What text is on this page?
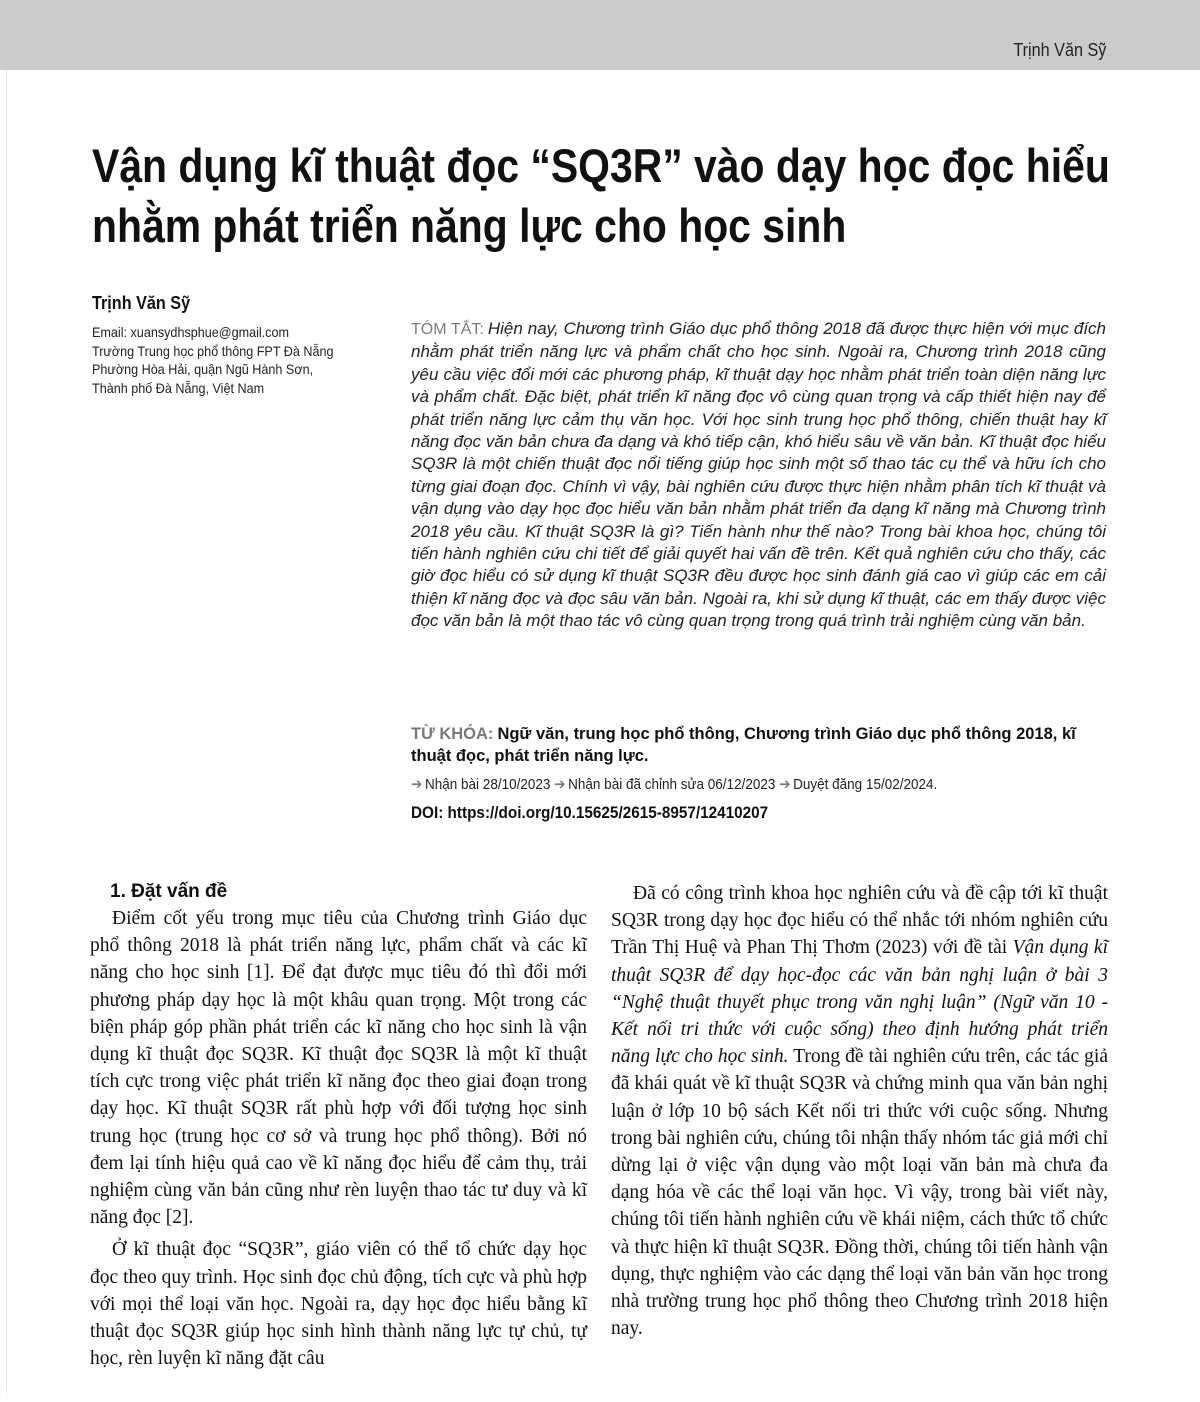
Trịnh Văn Sỹ
Vận dụng kĩ thuật đọc “SQ3R” vào dạy học đọc hiểu
nhằm phát triển năng lực cho học sinh
Trịnh Văn Sỹ
Email: xuansydhsphue@gmail.com
Trường Trung học phổ thông FPT Đà Nẵng
Phường Hòa Hải, quận Ngũ Hành Sơn,
Thành phố Đà Nẵng, Việt Nam

TÓM TẮT: Hiện nay, Chương trình Giáo dục phổ thông 2018 đã được thực hiện với mục đích nhằm phát triển năng lực và phẩm chất cho học sinh. Ngoài ra, Chương trình 2018 cũng yêu cầu việc đổi mới các phương pháp, kĩ thuật dạy học nhằm phát triển toàn diện năng lực và phẩm chất. Đặc biệt, phát triển kĩ năng đọc vô cùng quan trọng và cấp thiết hiện nay để phát triển năng lực cảm thụ văn học. Với học sinh trung học phổ thông, chiến thuật hay kĩ năng đọc văn bản chưa đa dạng và khó tiếp cận, khó hiểu sâu về văn bản. Kĩ thuật đọc hiểu SQ3R là một chiến thuật đọc nổi tiếng giúp học sinh một số thao tác cụ thể và hữu ích cho từng giai đoạn đọc. Chính vì vậy, bài nghiên cứu được thực hiện nhằm phân tích kĩ thuật và vận dụng vào dạy học đọc hiểu văn bản nhằm phát triển đa dạng kĩ năng mà Chương trình 2018 yêu cầu. Kĩ thuật SQ3R là gì? Tiến hành như thế nào? Trong bài khoa học, chúng tôi tiến hành nghiên cứu chi tiết để giải quyết hai vấn đề trên. Kết quả nghiên cứu cho thấy, các giờ đọc hiểu có sử dụng kĩ thuật SQ3R đều được học sinh đánh giá cao vì giúp các em cải thiện kĩ năng đọc và đọc sâu văn bản. Ngoài ra, khi sử dụng kĩ thuật, các em thấy được việc đọc văn bản là một thao tác vô cùng quan trọng trong quá trình trải nghiệm cùng văn bản.

TỪ KHÓA: Ngữ văn, trung học phổ thông, Chương trình Giáo dục phổ thông 2018, kĩ thuật đọc, phát triển năng lực.

➔ Nhận bài 28/10/2023 ➔ Nhận bài đã chỉnh sửa 06/12/2023 ➔ Duyệt đăng 15/02/2024.
DOI: https://doi.org/10.15625/2615-8957/12410207
1. Đặt vấn đề

Điểm cốt yếu trong mục tiêu của Chương trình Giáo dục phổ thông 2018 là phát triển năng lực, phẩm chất và các kĩ năng cho học sinh [1]. Để đạt được mục tiêu đó thì đổi mới phương pháp dạy học là một khâu quan trọng. Một trong các biện pháp góp phần phát triển các kĩ năng cho học sinh là vận dụng kĩ thuật đọc SQ3R. Kĩ thuật đọc SQ3R là một kĩ thuật tích cực trong việc phát triển kĩ năng đọc theo giai đoạn trong dạy học. Kĩ thuật SQ3R rất phù hợp với đối tượng học sinh trung học (trung học cơ sở và trung học phổ thông). Bởi nó đem lại tính hiệu quả cao về kĩ năng đọc hiểu để cảm thụ, trải nghiệm cùng văn bản cũng như rèn luyện thao tác tư duy và kĩ năng đọc [2].

Ở kĩ thuật đọc “SQ3R”, giáo viên có thể tổ chức dạy học đọc theo quy trình. Học sinh đọc chủ động, tích cực và phù hợp với mọi thể loại văn học. Ngoài ra, dạy học đọc hiểu bằng kĩ thuật đọc SQ3R giúp học sinh hình thành năng lực tự chủ, tự học, rèn luyện kĩ năng đặt câu

Đã có công trình khoa học nghiên cứu và đề cập tới kĩ thuật SQ3R trong dạy học đọc hiểu có thể nhắc tới nhóm nghiên cứu Trần Thị Huệ và Phan Thị Thơm (2023) với đề tài Vận dụng kĩ thuật SQ3R để dạy học-đọc các văn bản nghị luận ở bài 3 “Nghệ thuật thuyết phục trong văn nghị luận” (Ngữ văn 10 - Kết nối tri thức với cuộc sống) theo định hướng phát triển năng lực cho học sinh. Trong đề tài nghiên cứu trên, các tác giả đã khái quát về kĩ thuật SQ3R và chứng minh qua văn bản nghị luận ở lớp 10 bộ sách Kết nối tri thức với cuộc sống. Nhưng trong bài nghiên cứu, chúng tôi nhận thấy nhóm tác giả mới chỉ dừng lại ở việc vận dụng vào một loại văn bản mà chưa đa dạng hóa về các thể loại văn học. Vì vậy, trong bài viết này, chúng tôi tiến hành nghiên cứu về khái niệm, cách thức tổ chức và thực hiện kĩ thuật SQ3R. Đồng thời, chúng tôi tiến hành vận dụng, thực nghiệm vào các dạng thể loại văn bản văn học trong nhà trường trung học phổ thông theo Chương trình 2018 hiện nay.
